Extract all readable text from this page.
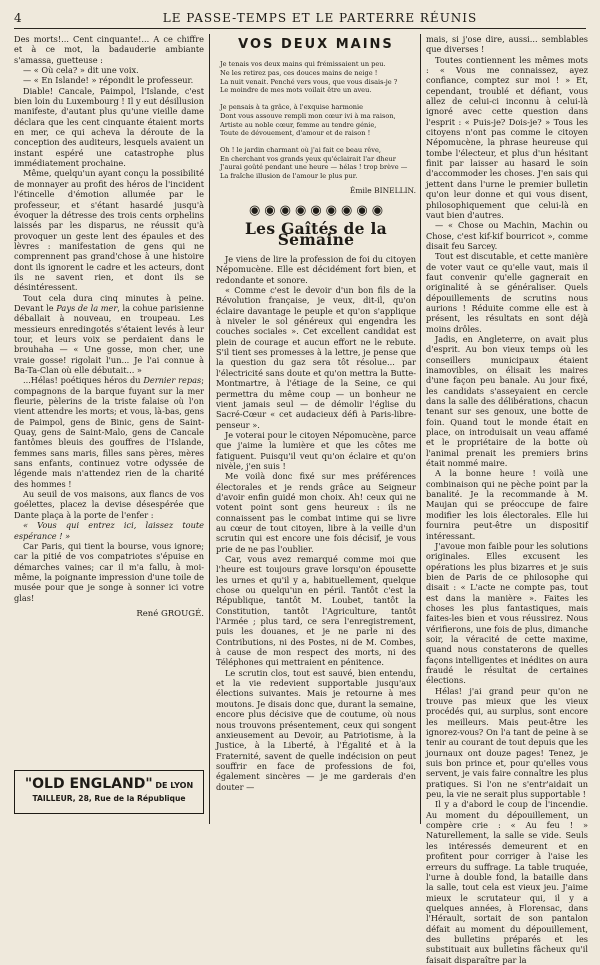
4	LE PASSE-TEMPS ET LE PARTERRE RÉUNIS

Des morts!... Cent cinquante!... A ce chiffre et à ce mot, la badauderie ambiante s'amassa, guetteuse :

— « Où cela? » dit une voix.

— « En Islande! » répondit le professeur.

Diable! Cancale, Paimpol, l'Islande, c'est bien loin du Luxembourg ! Il y eut désillusion manifeste, d'autant plus qu'une vieille dame déclara que les cent cinquante étaient morts en mer, ce qui acheva la déroute de la conception des auditeurs, lesquels avaient un instant espéré une catastrophe plus immédiatement prochaine.

Même, quelqu'un ayant conçu la possibilité de monnayer au profit des héros de l'incident l'étincelle d'émotion allumée par le professeur, et s'étant hasardé jusqu'à évoquer la détresse des trois cents orphelins laissés par les disparus, ne réussit qu'à provoquer un geste lent des épaules et des lèvres : manifestation de gens qui ne comprennent pas grand'chose à une histoire dont ils ignorent le cadre et les acteurs, dont ils ne savent rien, et dont ils se désintéressent.

Tout cela dura cinq minutes à peine. Devant le Pays de la mer, la cohue parisienne déballait à nouveau, en troupeau. Les messieurs enredingotés s'étaient levés à leur tour, et leurs voix se perdaient dans le brouhaha — « Une gosse, mon cher, une vraie gosse! rigolait l'un... Je l'ai connue à Ba-Ta-Clan où elle débutait... »

...Hélas! poétiques héros du Dernier repas; compagnons de la barque fuyant sur la mer fleurie, pèlerins de la triste falaise où l'on vient attendre les morts; et vous, là-bas, gens de Paimpol, gens de Binic, gens de Saint-Quay, gens de Saint-Malo, gens de Cancale fantômes bleuis des gouffres de l'Islande, femmes sans maris, filles sans pères, mères sans enfants, continuez votre odyssée de légende mais n'attendez rien de la charité des hommes !

Au seuil de vos maisons, aux flancs de vos goélettes, placez la devise désespérée que Dante plaça à la porte de l'enfer :

« Vous qui entrez ici, laissez toute espérance ! »

Car Paris, qui tient la bourse, vous ignore; car la pitié de vos compatriotes s'épuise en démarches vaines; car il m'a fallu, à moi-même, la poignante impression d'une toile de musée pour que je songe à sonner ici votre glas!

René GROUGÉ.
"OLD ENGLAND" DE LYON
TAILLEUR, 28, Rue de la République
VOS DEUX MAINS
Je tenais vos deux mains qui frémissaient un peu.
Ne les retirez pas, ces douces mains de neige !
La nuit venait. Penché vers vous, que vous disais-je ?
Le moindre de mes mots voilait être un aveu.

Je pensais à ta grâce, à l'exquise harmonie
Dont vous assouve rempli mon cœur ivi à ma raison,
Artiste au noble cœur, femme au tendre génie,
Toute de dévouement, d'amour et de raison !

Oh ! le jardin charmant où j'ai fait ce beau rêve,
En cherchant vos grands yeux qu'éclairait l'ar dheur
J'aurai goûté pendant une heure — hélas ! trop brève —
La fraîche illusion de l'amour le plus pur.
Émile BINELLIN.
◉ ◉ ◉ ◉ ◉ ◉ ◉ ◉ ◉
Les Gaîtés de la Semaine

Je viens de lire la profession de foi du citoyen Népomucène. Elle est décidément fort bien, et redondante et sonore.

« Comme c'est le devoir d'un bon fils de la Révolution française, je veux, dit-il, qu'on éclaire davantage le peuple et qu'on s'applique à niveler le sol généreux qui engendra les couches sociales ». Cet excellent candidat est plein de courage et aucun effort ne le rebute. S'il tient ses promesses à la lettre, je pense que la question du gaz sera tôt résolue... par l'électricité sans doute et qu'on mettra la Butte-Montmartre, à l'étiage de la Seine, ce qui permettra du même coup — un bonheur ne vient jamais seul — de démolir l'église du Sacré-Cœur « cet audacieux défi à Paris-libre-penseur ».

Je voterai pour le citoyen Népomucène, parce que j'aime la lumière et que les côtes me fatiguent. Puisqu'il veut qu'on éclaire et qu'on nivèle, j'en suis !

Me voilà donc fixé sur mes préférences électorales et je rends grâce au Seigneur d'avoir enfin guidé mon choix. Ah! ceux qui ne votent point sont gens heureux : ils ne connaissent pas le combat intime qui se livre au cœur de tout citoyen, libre à la veille d'un scrutin qui est encore une fois décisif, je vous prie de ne pas l'oublier.

Car, vous avez remarqué comme moi que l'heure est toujours grave lorsqu'on épousette les urnes et qu'il y a, habituellement, quelque chose ou quelqu'un en péril. Tantôt c'est la République, tantôt M. Loubet, tantôt la Constitution, tantôt l'Agriculture, tantôt l'Armée ; plus tard, ce sera l'enregistrement, puis les douanes, et je ne parle ni des Contributions, ni des Postes, ni de M. Combes, à cause de mon respect des morts, ni des Téléphones qui mettraient en pénitence.

Le scrutin clos, tout est sauvé, bien entendu, et la vie redevient supportable jusqu'aux élections suivantes. Mais je retourne à mes moutons. Je disais donc que, durant la semaine, encore plus décisive que de coutume, où nous nous trouvons présentement, ceux qui songent anxieusement au Devoir, au Patriotisme, à la Justice, à la Liberté, à l'Égalité et à la Fraternité, savent de quelle indécision on peut souffrir en face de professions de foi, également sincères — je me garderais d'en douter —

mais, si j'ose dire, aussi... semblables que diverses !

Toutes contiennent les mêmes mots : « Vous me connaissez, ayez confiance, comptez sur moi ! » Et, cependant, troublé et défiant, vous allez de celui-ci inconnu à celui-là ignoré avec cette question dans l'esprit : « Puis-je? Dois-je? » Tous les citoyens n'ont pas comme le citoyen Népomucène, la phrase heureuse qui tombe l'électeur, et plus d'un hésitant finit par laisser au hasard le soin d'accommoder les choses. J'en sais qui jettent dans l'urne le premier bulletin qu'on leur donne et qui vous disent, philosophiquement que celui-là en vaut bien d'autres.

— « Chose ou Machin, Machin ou Chose, c'est kif-kif bourricot », comme disait feu Sarcey.

Tout est discutable, et cette manière de voter vaut ce qu'elle vaut, mais il faut convenir qu'elle gagnerait en originalité à se généraliser. Quels dépouillements de scrutins nous aurions ! Réduite comme elle est à présent, les résultats en sont déjà moins drôles.

Jadis, en Angleterre, on avait plus d'esprit. Au bon vieux temps où les conseillers municipaux étaient inamovibles, on élisait les maires d'une façon peu banale. Au jour fixé, les candidats s'asseyaient en cercle dans la salle des délibérations, chacun tenant sur ses genoux, une botte de foin. Quand tout le monde était en place, on introduisait un veau affamé et le propriétaire de la botte où l'animal prenait les premiers brins était nommé maire.

A la bonne heure ! voilà une combinaison qui ne pèche point par la banalité. Je la recommande à M. Maujan qui se préoccupe de faire modifier les lois électorales. Elle lui fournira peut-être un dispositif intéressant.

J'avoue mon faible pour les solutions originales. Elles excusent les opérations les plus bizarres et je suis bien de Paris de ce philosophe qui disait : « L'acte ne compte pas, tout est dans la manière ». Faites les choses les plus fantastiques, mais faites-les bien et vous réussirez. Nous vérifierons, une fois de plus, dimanche soir, la véracité de cette maxime, quand nous constaterons de quelles façons intelligentes et inédites on aura fraudé le résultat de certaines élections.

Hélas! j'ai grand peur qu'on ne trouve pas mieux que les vieux procédés qui, au surplus, sont encore les meilleurs. Mais peut-être les ignorez-vous? On l'a tant de peine à se tenir au courant de tout depuis que les journaux ont douze pages! Tenez, je suis bon prince et, pour qu'elles vous servent, je vais faire connaître les plus pratiques. Si l'on ne s'entr'aidait un peu, la vie ne serait plus supportable !

Il y a d'abord le coup de l'incendie. Au moment du dépouillement, un compère crie : « Au feu ! » Naturellement, la salle se vide. Seuls les intéressés demeurent et en profitent pour corriger à l'aise les erreurs du suffrage. La table truquée, l'urne à double fond, la bataille dans la salle, tout cela est vieux jeu. J'aime mieux le scrutateur qui, il y a quelques années, à Florensac, dans l'Hérault, sortait de son pantalon défait au moment du dépouillement, des bulletins préparés et les substituait aux bulletins fâcheux qu'il faisait disparaître par la
